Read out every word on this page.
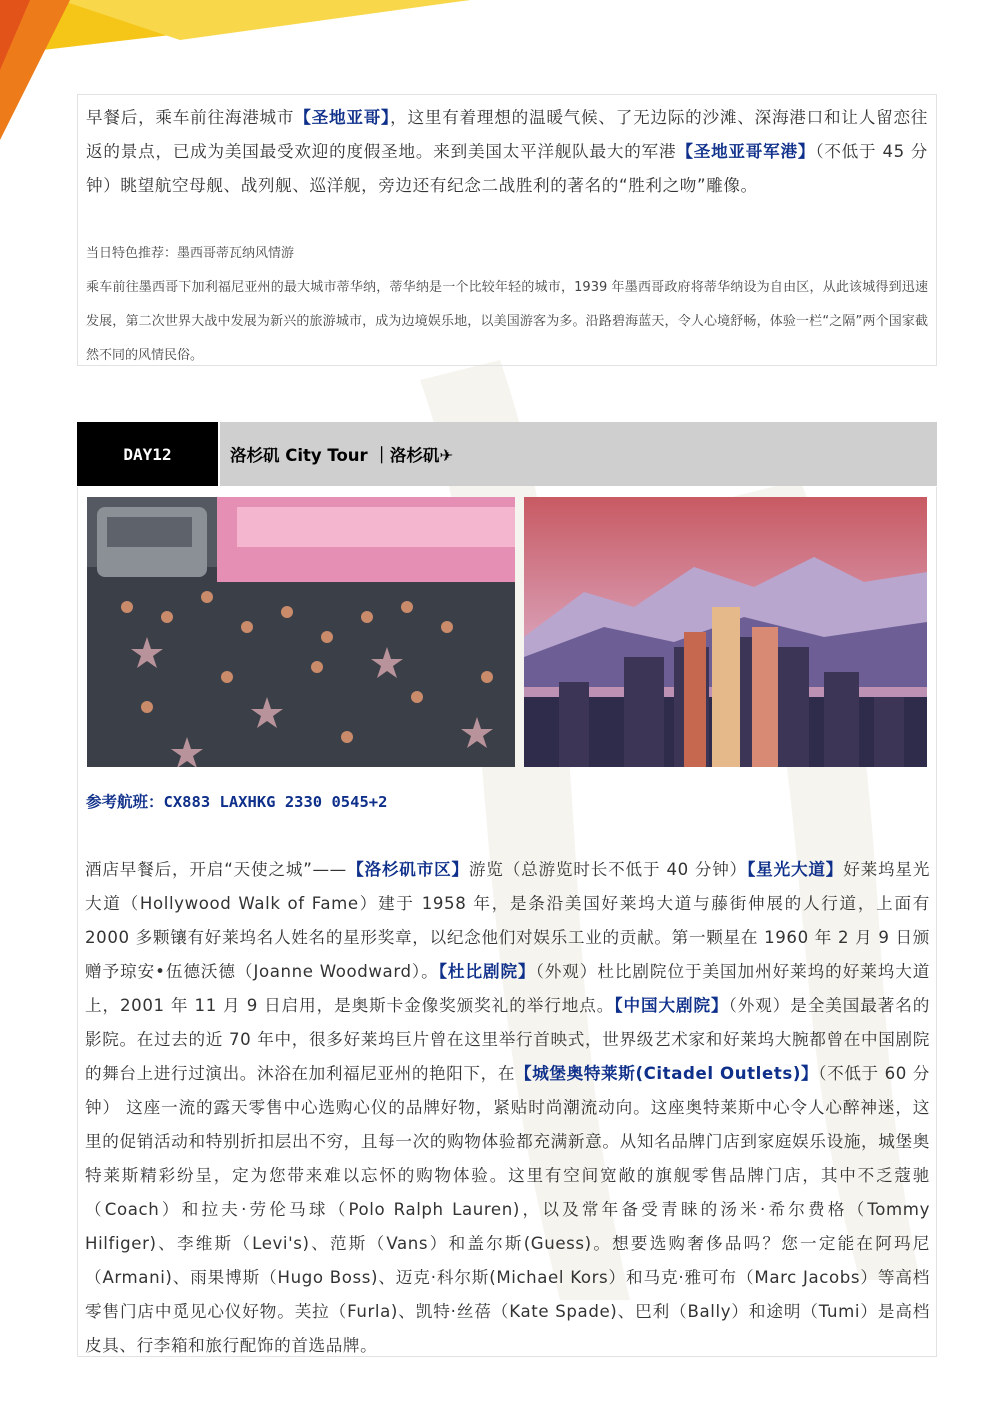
早餐后，乘车前往海港城市【圣地亚哥】，这里有着理想的温暖气候、了无边际的沙滩、深海港口和让人留恋往返的景点，已成为美国最受欢迎的度假圣地。来到美国太平洋舰队最大的军港【圣地亚哥军港】（不低于 45 分钟）眺望航空母舰、战列舰、巡洋舰，旁边还有纪念二战胜利的著名的“胜利之吻”雕像。
当日特色推荐：墨西哥蒂瓦纳风情游
乘车前往墨西哥下加利福尼亚州的最大城市蒂华纳，蒂华纳是一个比较年轻的城市，1939 年墨西哥政府将蒂华纳设为自由区，从此该城得到迅速发展，第二次世界大战中发展为新兴的旅游城市，成为边境娱乐地，以美国游客为多。沿路碧海蓝天，令人心境舒畅，体验一栏“之隔”两个国家截然不同的风情民俗。
DAY12	洛杉矶 City Tour ｜洛杉矶✈
参考航班：CX883 LAXHKG 2330 0545+2
酒店早餐后，开启“天使之城”——【洛杉矶市区】游览（总游览时长不低于 40 分钟）【星光大道】好莱坞星光大道（Hollywood Walk of Fame）建于 1958 年，是条沿美国好莱坞大道与藤街伸展的人行道，上面有 2000 多颗镶有好莱坞名人姓名的星形奖章，以纪念他们对娱乐工业的贡献。第一颗星在 1960 年 2 月 9 日颁赠予琼安•伍德沃德（Joanne Woodward）。【杜比剧院】（外观）杜比剧院位于美国加州好莱坞的好莱坞大道上，2001 年 11 月 9 日启用，是奥斯卡金像奖颁奖礼的举行地点。【中国大剧院】（外观）是全美国最著名的影院。在过去的近 70 年中，很多好莱坞巨片曾在这里举行首映式，世界级艺术家和好莱坞大腕都曾在中国剧院的舞台上进行过演出。沐浴在加利福尼亚州的艳阳下，在【城堡奥特莱斯(Citadel Outlets)】（不低于 60 分钟） 这座一流的露天零售中心选购心仪的品牌好物，紧贴时尚潮流动向。这座奥特莱斯中心令人心醉神迷，这里的促销活动和特别折扣层出不穷，且每一次的购物体验都充满新意。从知名品牌门店到家庭娱乐设施，城堡奥特莱斯精彩纷呈，定为您带来难以忘怀的购物体验。这里有空间宽敞的旗舰零售品牌门店，其中不乏蔻驰（Coach）和拉夫·劳伦马球（Polo Ralph Lauren)，以及常年备受青睐的汤米·希尔费格（Tommy Hilfiger)、李维斯（Levi's)、范斯（Vans）和盖尔斯(Guess)。想要选购奢侈品吗？您一定能在阿玛尼（Armani)、雨果博斯（Hugo Boss)、迈克·科尔斯(Michael Kors）和马克·雅可布（Marc Jacobs）等高档零售门店中觅见心仪好物。芙拉（Furla)、凯特·丝蓓（Kate Spade)、巴利（Bally）和途明（Tumi）是高档皮具、行李箱和旅行配饰的首选品牌。
